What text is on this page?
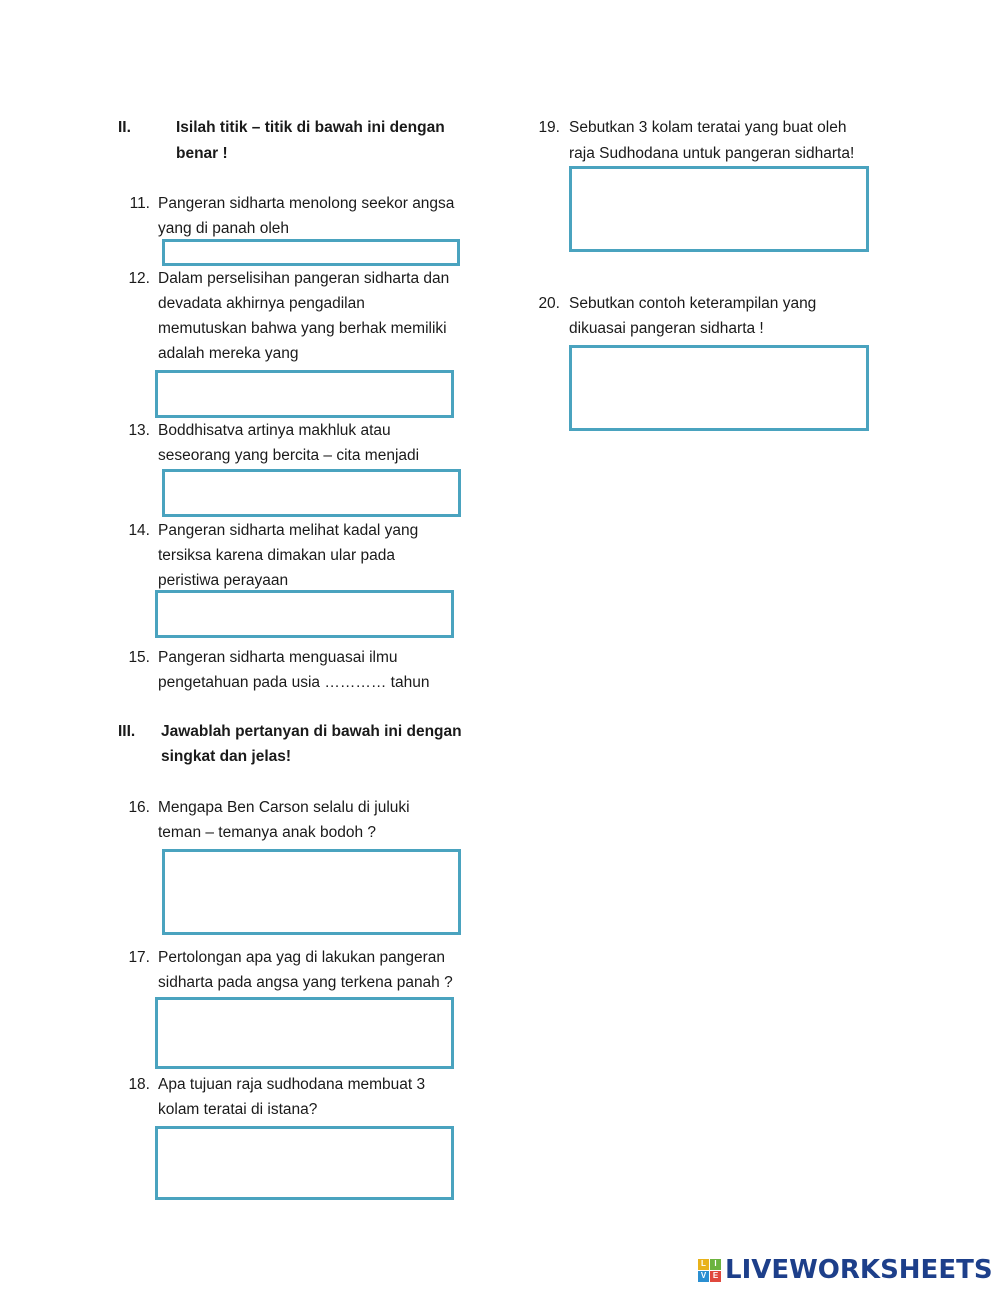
II.	Isilah titik – titik di bawah ini dengan
benar !
11. Pangeran sidharta menolong seekor angsa
yang di panah oleh
12. Dalam perselisihan pangeran sidharta dan
devadata akhirnya pengadilan
memutuskan bahwa yang berhak memiliki
adalah mereka yang
13. Boddhisatva artinya makhluk atau
seseorang yang bercita – cita menjadi
14. Pangeran sidharta melihat kadal yang
tersiksa karena dimakan ular pada
peristiwa perayaan
15. Pangeran sidharta menguasai ilmu
pengetahuan pada usia ………… tahun
III. Jawablah pertanyan di bawah ini dengan
singkat dan jelas!
16. Mengapa Ben Carson selalu di juluki
teman – temanya anak bodoh ?
17. Pertolongan apa yag di lakukan pangeran
sidharta pada angsa yang terkena panah ?
18. Apa tujuan raja sudhodana membuat 3
kolam teratai di istana?
19. Sebutkan 3 kolam teratai yang buat oleh
raja Sudhodana untuk pangeran sidharta!
20. Sebutkan contoh keterampilan yang
dikuasai pangeran sidharta !
L	I
V E LIVEWORKSHEETS
